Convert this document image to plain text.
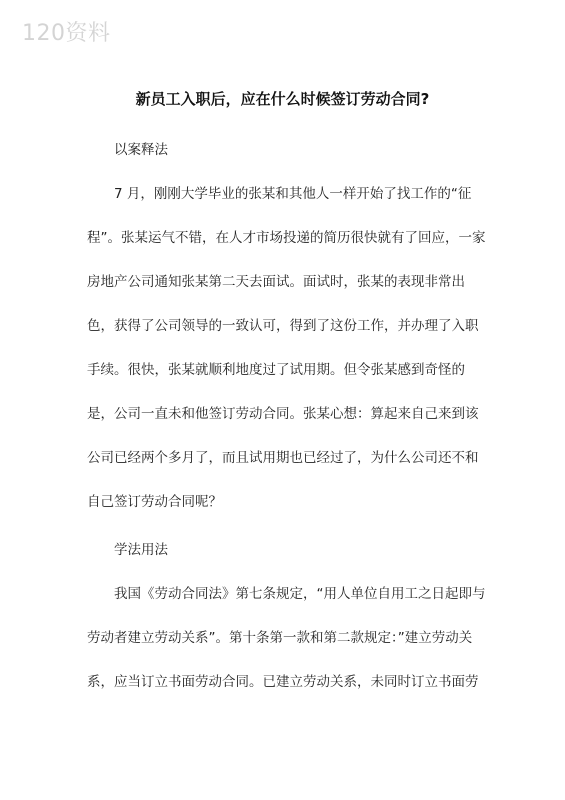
120资料
新员工入职后，应在什么时候签订劳动合同?

以案释法

7 月，刚刚大学毕业的张某和其他人一样开始了找工作的“征

程”。张某运气不错，在人才市场投递的简历很快就有了回应，一家

房地产公司通知张某第二天去面试。面试时，张某的表现非常出

色，获得了公司领导的一致认可，得到了这份工作，并办理了入职

手续。很快，张某就顺利地度过了试用期。但令张某感到奇怪的

是，公司一直未和他签订劳动合同。张某心想：算起来自己来到该

公司已经两个多月了，而且试用期也已经过了，为什么公司还不和

自己签订劳动合同呢？

学法用法

我国《劳动合同法》第七条规定，“用人单位自用工之日起即与

劳动者建立劳动关系”。第十条第一款和第二款规定：”建立劳动关

系，应当订立书面劳动合同。已建立劳动关系，未同时订立书面劳
